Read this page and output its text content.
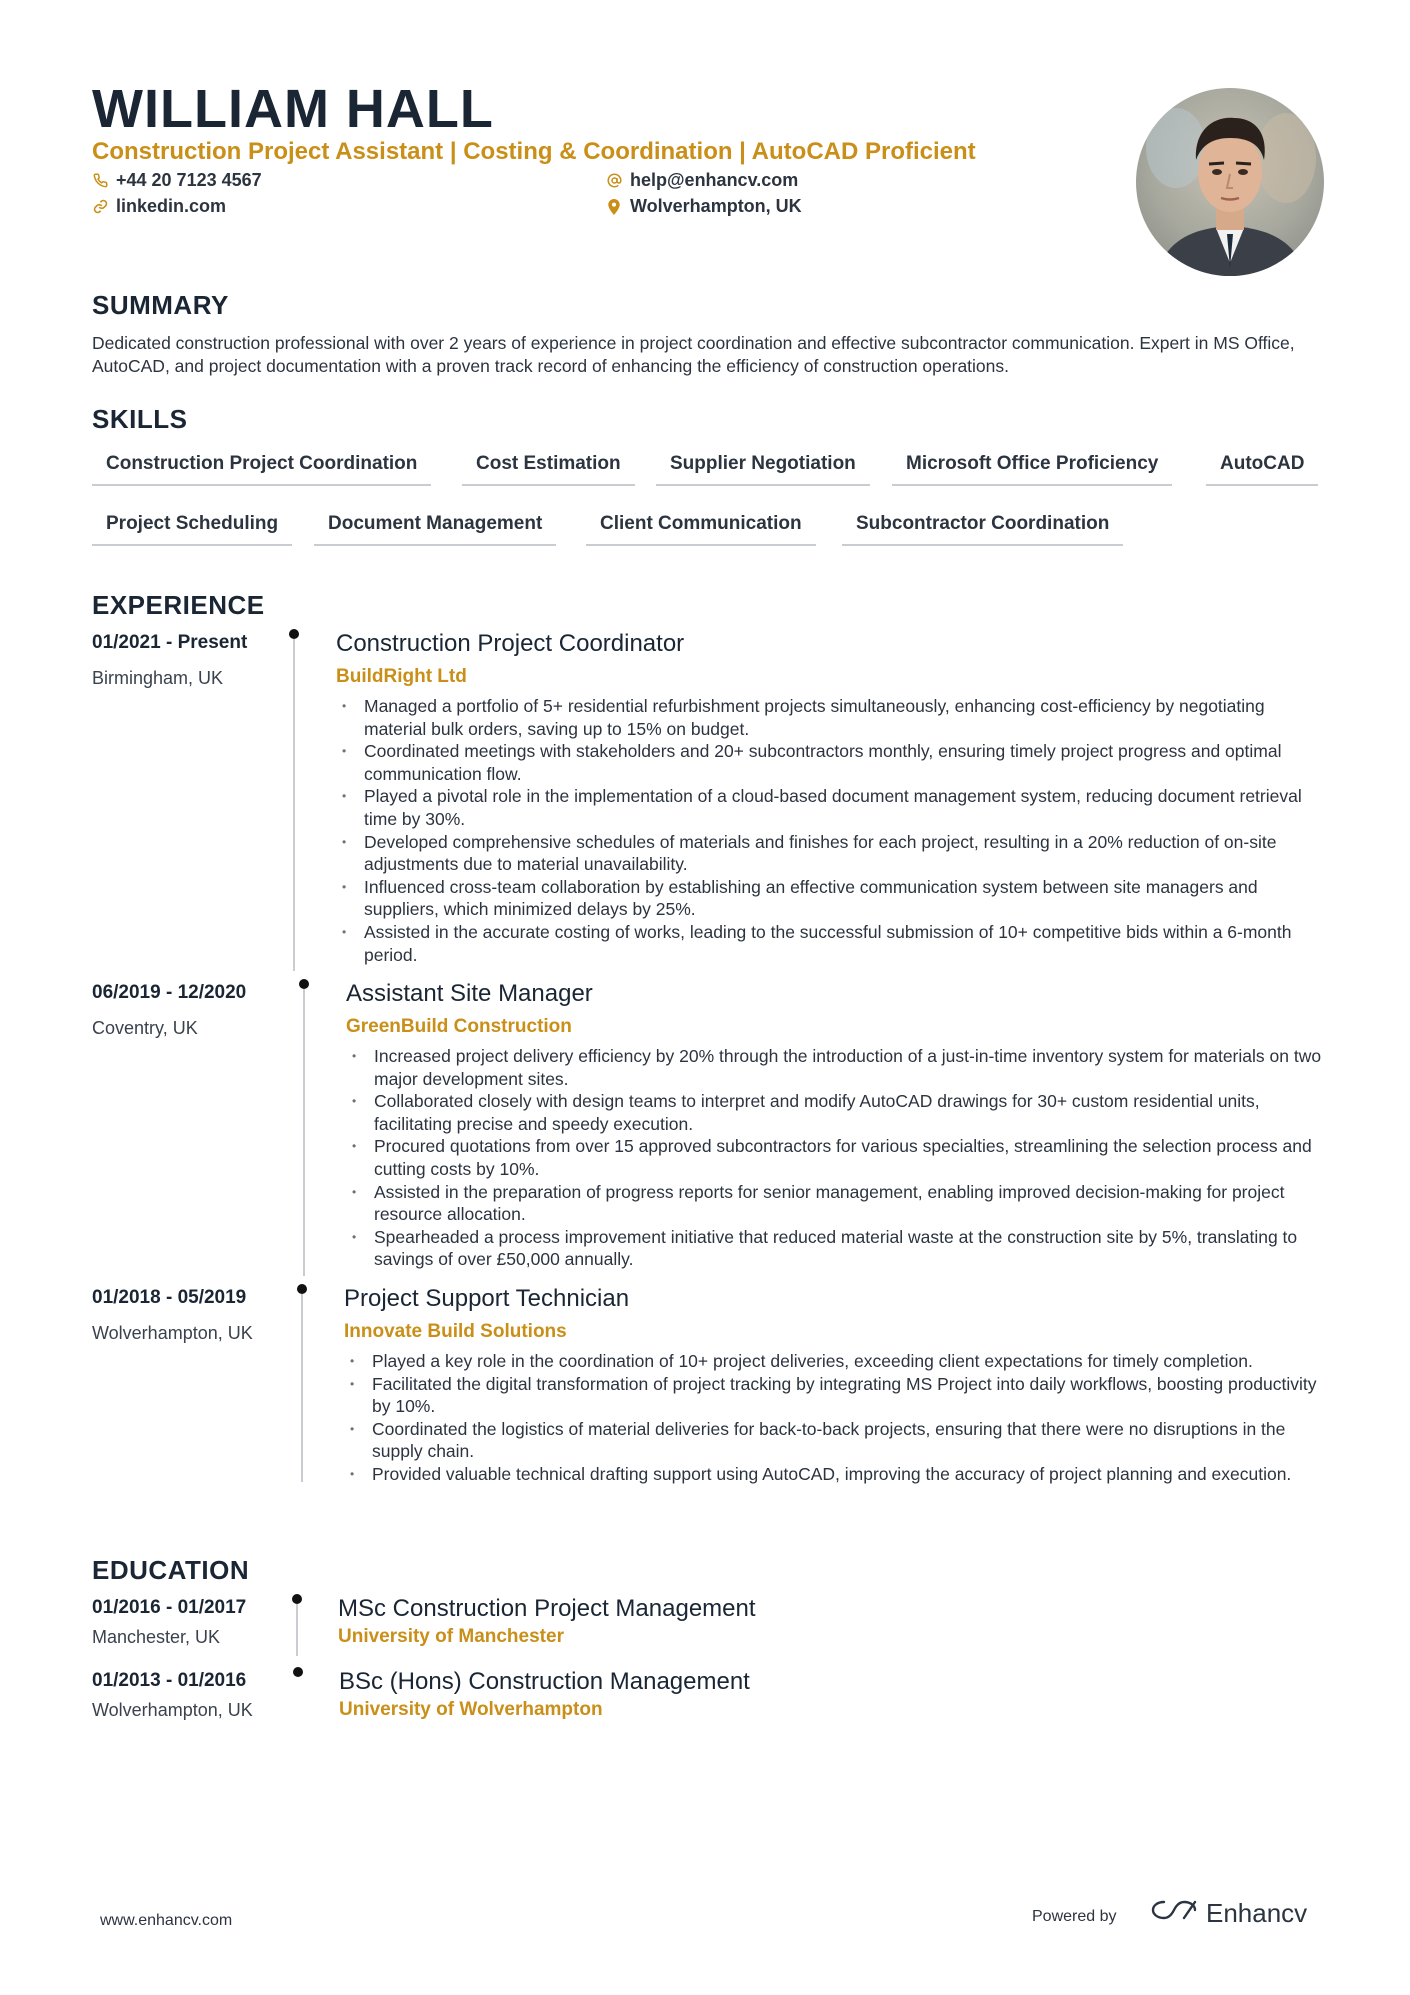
WILLIAM HALL
Construction Project Assistant | Costing & Coordination | AutoCAD Proficient
+44 20 7123 4567
linkedin.com
help@enhancv.com
Wolverhampton, UK
SUMMARY
Dedicated construction professional with over 2 years of experience in project coordination and effective subcontractor communication. Expert in MS Office, AutoCAD, and project documentation with a proven track record of enhancing the efficiency of construction operations.
SKILLS
Construction Project Coordination	Cost Estimation	Supplier Negotiation	Microsoft Office Proficiency	AutoCAD
Project Scheduling	Document Management	Client Communication	Subcontractor Coordination
EXPERIENCE
01/2021 - Present
Birmingham, UK
Construction Project Coordinator
BuildRight Ltd
• Managed a portfolio of 5+ residential refurbishment projects simultaneously, enhancing cost-efficiency by negotiating material bulk orders, saving up to 15% on budget.
• Coordinated meetings with stakeholders and 20+ subcontractors monthly, ensuring timely project progress and optimal communication flow.
• Played a pivotal role in the implementation of a cloud-based document management system, reducing document retrieval time by 30%.
• Developed comprehensive schedules of materials and finishes for each project, resulting in a 20% reduction of on-site adjustments due to material unavailability.
• Influenced cross-team collaboration by establishing an effective communication system between site managers and suppliers, which minimized delays by 25%.
• Assisted in the accurate costing of works, leading to the successful submission of 10+ competitive bids within a 6-month period.
06/2019 - 12/2020
Coventry, UK
Assistant Site Manager
GreenBuild Construction
• Increased project delivery efficiency by 20% through the introduction of a just-in-time inventory system for materials on two major development sites.
• Collaborated closely with design teams to interpret and modify AutoCAD drawings for 30+ custom residential units, facilitating precise and speedy execution.
• Procured quotations from over 15 approved subcontractors for various specialties, streamlining the selection process and cutting costs by 10%.
• Assisted in the preparation of progress reports for senior management, enabling improved decision-making for project resource allocation.
• Spearheaded a process improvement initiative that reduced material waste at the construction site by 5%, translating to savings of over £50,000 annually.
01/2018 - 05/2019
Wolverhampton, UK
Project Support Technician
Innovate Build Solutions
• Played a key role in the coordination of 10+ project deliveries, exceeding client expectations for timely completion.
• Facilitated the digital transformation of project tracking by integrating MS Project into daily workflows, boosting productivity by 10%.
• Coordinated the logistics of material deliveries for back-to-back projects, ensuring that there were no disruptions in the supply chain.
• Provided valuable technical drafting support using AutoCAD, improving the accuracy of project planning and execution.
EDUCATION
01/2016 - 01/2017
Manchester, UK
MSc Construction Project Management
University of Manchester
01/2013 - 01/2016
Wolverhampton, UK
BSc (Hons) Construction Management
University of Wolverhampton
www.enhancv.com	Powered by	Enhancv
